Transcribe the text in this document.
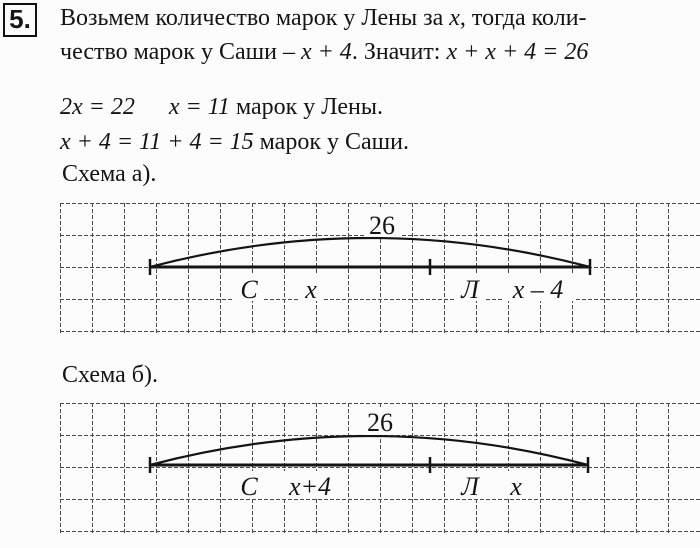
5. Возьмем количество марок у Лены за x, тогда коли-
чество марок у Саши – x + 4. Значит: x + x + 4 = 26
2x = 22 x = 11 марок у Лены.
x + 4 = 11 + 4 = 15 марок у Саши.
Схема а).
26
С x	Л x – 4
Схема б).
26
С x+4	Л x
